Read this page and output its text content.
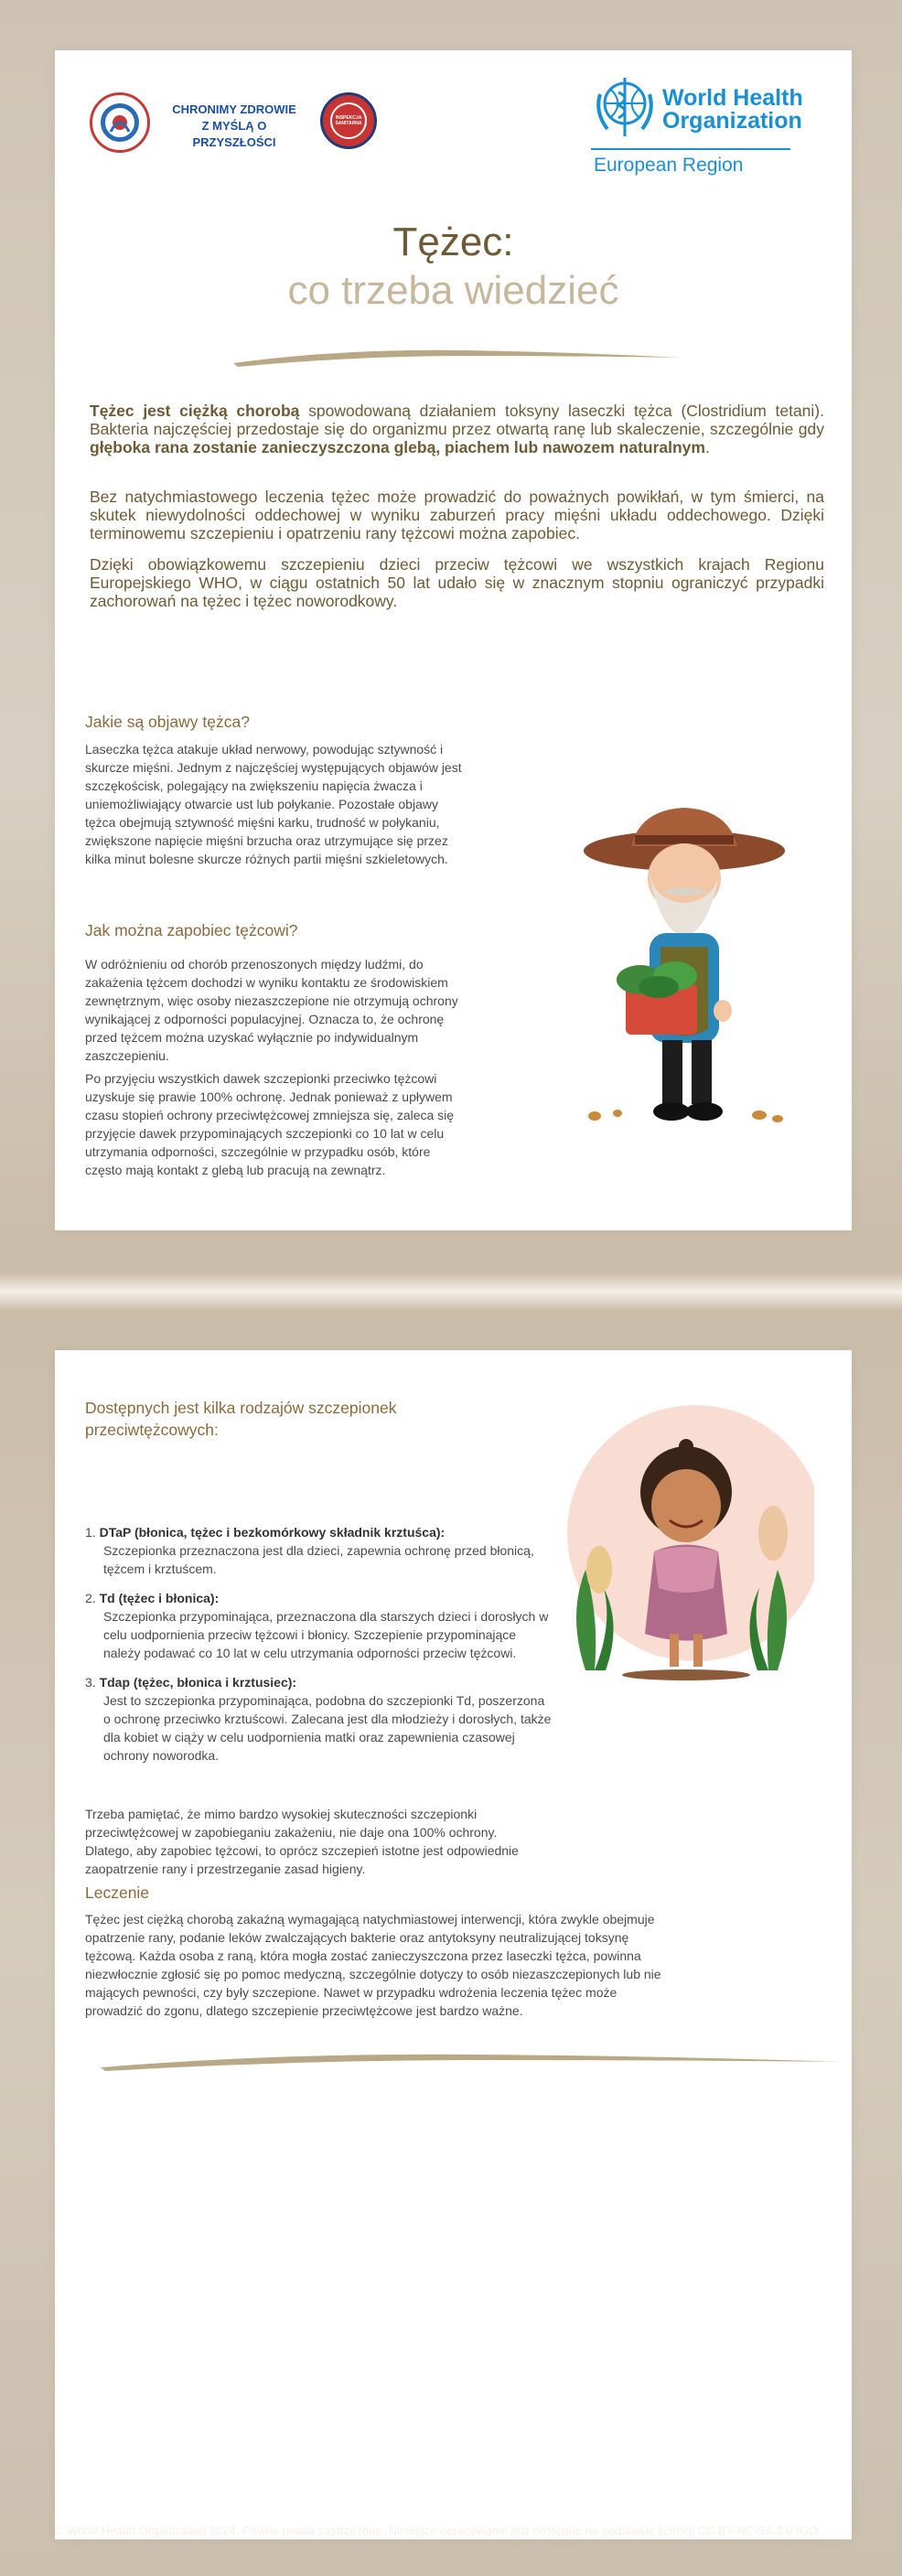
CHRONIMY ZDROWIE
Z MYŚLĄ O PRZYSZŁOŚCI
INSPEKCJA SANITARNA
World Health
Organization
European Region
Tężec:
co trzeba wiedzieć
Tężec jest ciężką chorobą spowodowaną działaniem toksyny laseczki tężca (Clostridium tetani). Bakteria najczęściej przedostaje się do organizmu przez otwartą ranę lub skaleczenie, szczególnie gdy głęboka rana zostanie zanieczyszczona glebą, piachem lub nawozem naturalnym.
Bez natychmiastowego leczenia tężec może prowadzić do poważnych powikłań, w tym śmierci, na skutek niewydolności oddechowej w wyniku zaburzeń pracy mięśni układu oddechowego. Dzięki terminowemu szczepieniu i opatrzeniu rany tężcowi można zapobiec.
Dzięki obowiązkowemu szczepieniu dzieci przeciw tężcowi we wszystkich krajach Regionu Europejskiego WHO, w ciągu ostatnich 50 lat udało się w znacznym stopniu ograniczyć przypadki zachorowań na tężec i tężec noworodkowy.
Jakie są objawy tężca?
Laseczka tężca atakuje układ nerwowy, powodując sztywność i skurcze mięśni. Jednym z najczęściej występujących objawów jest szczękościsk, polegający na zwiększeniu napięcia żwacza i uniemożliwiający otwarcie ust lub połykanie. Pozostałe objawy tężca obejmują sztywność mięśni karku, trudność w połykaniu, zwiększone napięcie mięśni brzucha oraz utrzymujące się przez kilka minut bolesne skurcze różnych partii mięśni szkieletowych.
Jak można zapobiec tężcowi?
W odróżnieniu od chorób przenoszonych między ludźmi, do zakażenia tężcem dochodzi w wyniku kontaktu ze środowiskiem zewnętrznym, więc osoby niezaszczepione nie otrzymują ochrony wynikającej z odporności populacyjnej. Oznacza to, że ochronę przed tężcem można uzyskać wyłącznie po indywidualnym zaszczepieniu.
Po przyjęciu wszystkich dawek szczepionki przeciwko tężcowi uzyskuje się prawie 100% ochronę. Jednak ponieważ z upływem czasu stopień ochrony przeciwtężcowej zmniejsza się, zaleca się przyjęcie dawek przypominających szczepionki co 10 lat w celu utrzymania odporności, szczególnie w przypadku osób, które często mają kontakt z glebą lub pracują na zewnątrz.
Dostępnych jest kilka rodzajów szczepionek przeciwtężcowych:
1. DTaP (błonica, tężec i bezkomórkowy składnik krztuśca):
Szczepionka przeznaczona jest dla dzieci, zapewnia ochronę przed błonicą, tężcem i krztuścem.
2. Td (tężec i błonica):
Szczepionka przypominająca, przeznaczona dla starszych dzieci i dorosłych w celu uodpornienia przeciw tężcowi i błonicy. Szczepienie przypominające należy podawać co 10 lat w celu utrzymania odporności przeciw tężcowi.
3. Tdap (tężec, błonica i krztusiec):
Jest to szczepionka przypominająca, podobna do szczepionki Td, poszerzona o ochronę przeciwko krztuścowi. Zalecana jest dla młodzieży i dorosłych, także dla kobiet w ciąży w celu uodpornienia matki oraz zapewnienia czasowej ochrony noworodka.
Trzeba pamiętać, że mimo bardzo wysokiej skuteczności szczepionki przeciwtężcowej w zapobieganiu zakażeniu, nie daje ona 100% ochrony. Dlatego, aby zapobiec tężcowi, to oprócz szczepień istotne jest odpowiednie zaopatrzenie rany i przestrzeganie zasad higieny.
Leczenie
Tężec jest ciężką chorobą zakaźną wymagającą natychmiastowej interwencji, która zwykle obejmuje opatrzenie rany, podanie leków zwalczających bakterie oraz antytoksyny neutralizującej toksynę tężcową. Każda osoba z raną, która mogła zostać zanieczyszczona przez laseczki tężca, powinna niezwłocznie zgłosić się po pomoc medyczną, szczególnie dotyczy to osób niezaszczepionych lub nie mających pewności, czy były szczepione. Nawet w przypadku wdrożenia leczenia tężec może prowadzić do zgonu, dlatego szczepienie przeciwtężcowe jest bardzo ważne.
© World Health Organization 2024. Pewne prawa zastrzeżone. Niniejsze opracowanie jest dostępne na podstawie licencji CC BY-NC-SA 3.0 IGO.
